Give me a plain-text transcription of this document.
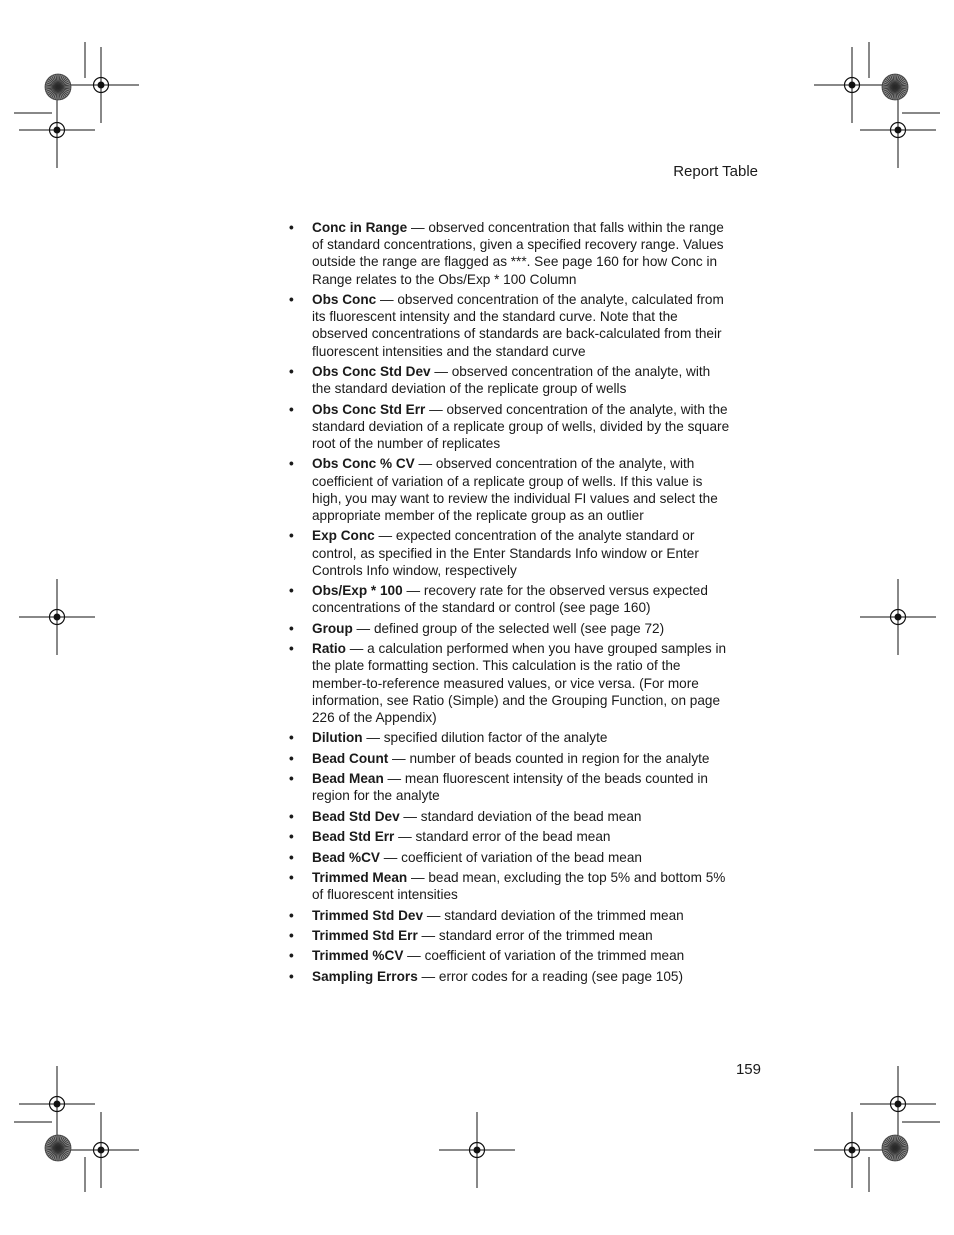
Report Table
• Conc in Range — observed concentration that falls within the range of standard concentrations, given a specified recovery range. Values outside the range are flagged as ***. See page 160 for how Conc in Range relates to the Obs/Exp * 100 Column
• Obs Conc — observed concentration of the analyte, calculated from its fluorescent intensity and the standard curve. Note that the observed concentrations of standards are back-calculated from their fluorescent intensities and the standard curve
• Obs Conc Std Dev — observed concentration of the analyte, with the standard deviation of the replicate group of wells
• Obs Conc Std Err — observed concentration of the analyte, with the standard deviation of a replicate group of wells, divided by the square root of the number of replicates
• Obs Conc % CV — observed concentration of the analyte, with coefficient of variation of a replicate group of wells. If this value is high, you may want to review the individual FI values and select the appropriate member of the replicate group as an outlier
• Exp Conc — expected concentration of the analyte standard or control, as specified in the Enter Standards Info window or Enter Controls Info window, respectively
• Obs/Exp * 100 — recovery rate for the observed versus expected concentrations of the standard or control (see page 160)
• Group — defined group of the selected well (see page 72)
• Ratio — a calculation performed when you have grouped samples in the plate formatting section. This calculation is the ratio of the member-to-reference measured values, or vice versa. (For more information, see Ratio (Simple) and the Grouping Function, on page 226 of the Appendix)
• Dilution — specified dilution factor of the analyte
• Bead Count — number of beads counted in region for the analyte
• Bead Mean — mean fluorescent intensity of the beads counted in region for the analyte
• Bead Std Dev — standard deviation of the bead mean
• Bead Std Err — standard error of the bead mean
• Bead %CV — coefficient of variation of the bead mean
• Trimmed Mean — bead mean, excluding the top 5% and bottom 5% of fluorescent intensities
• Trimmed Std Dev — standard deviation of the trimmed mean
• Trimmed Std Err — standard error of the trimmed mean
• Trimmed %CV — coefficient of variation of the trimmed mean
• Sampling Errors — error codes for a reading (see page 105)
159
